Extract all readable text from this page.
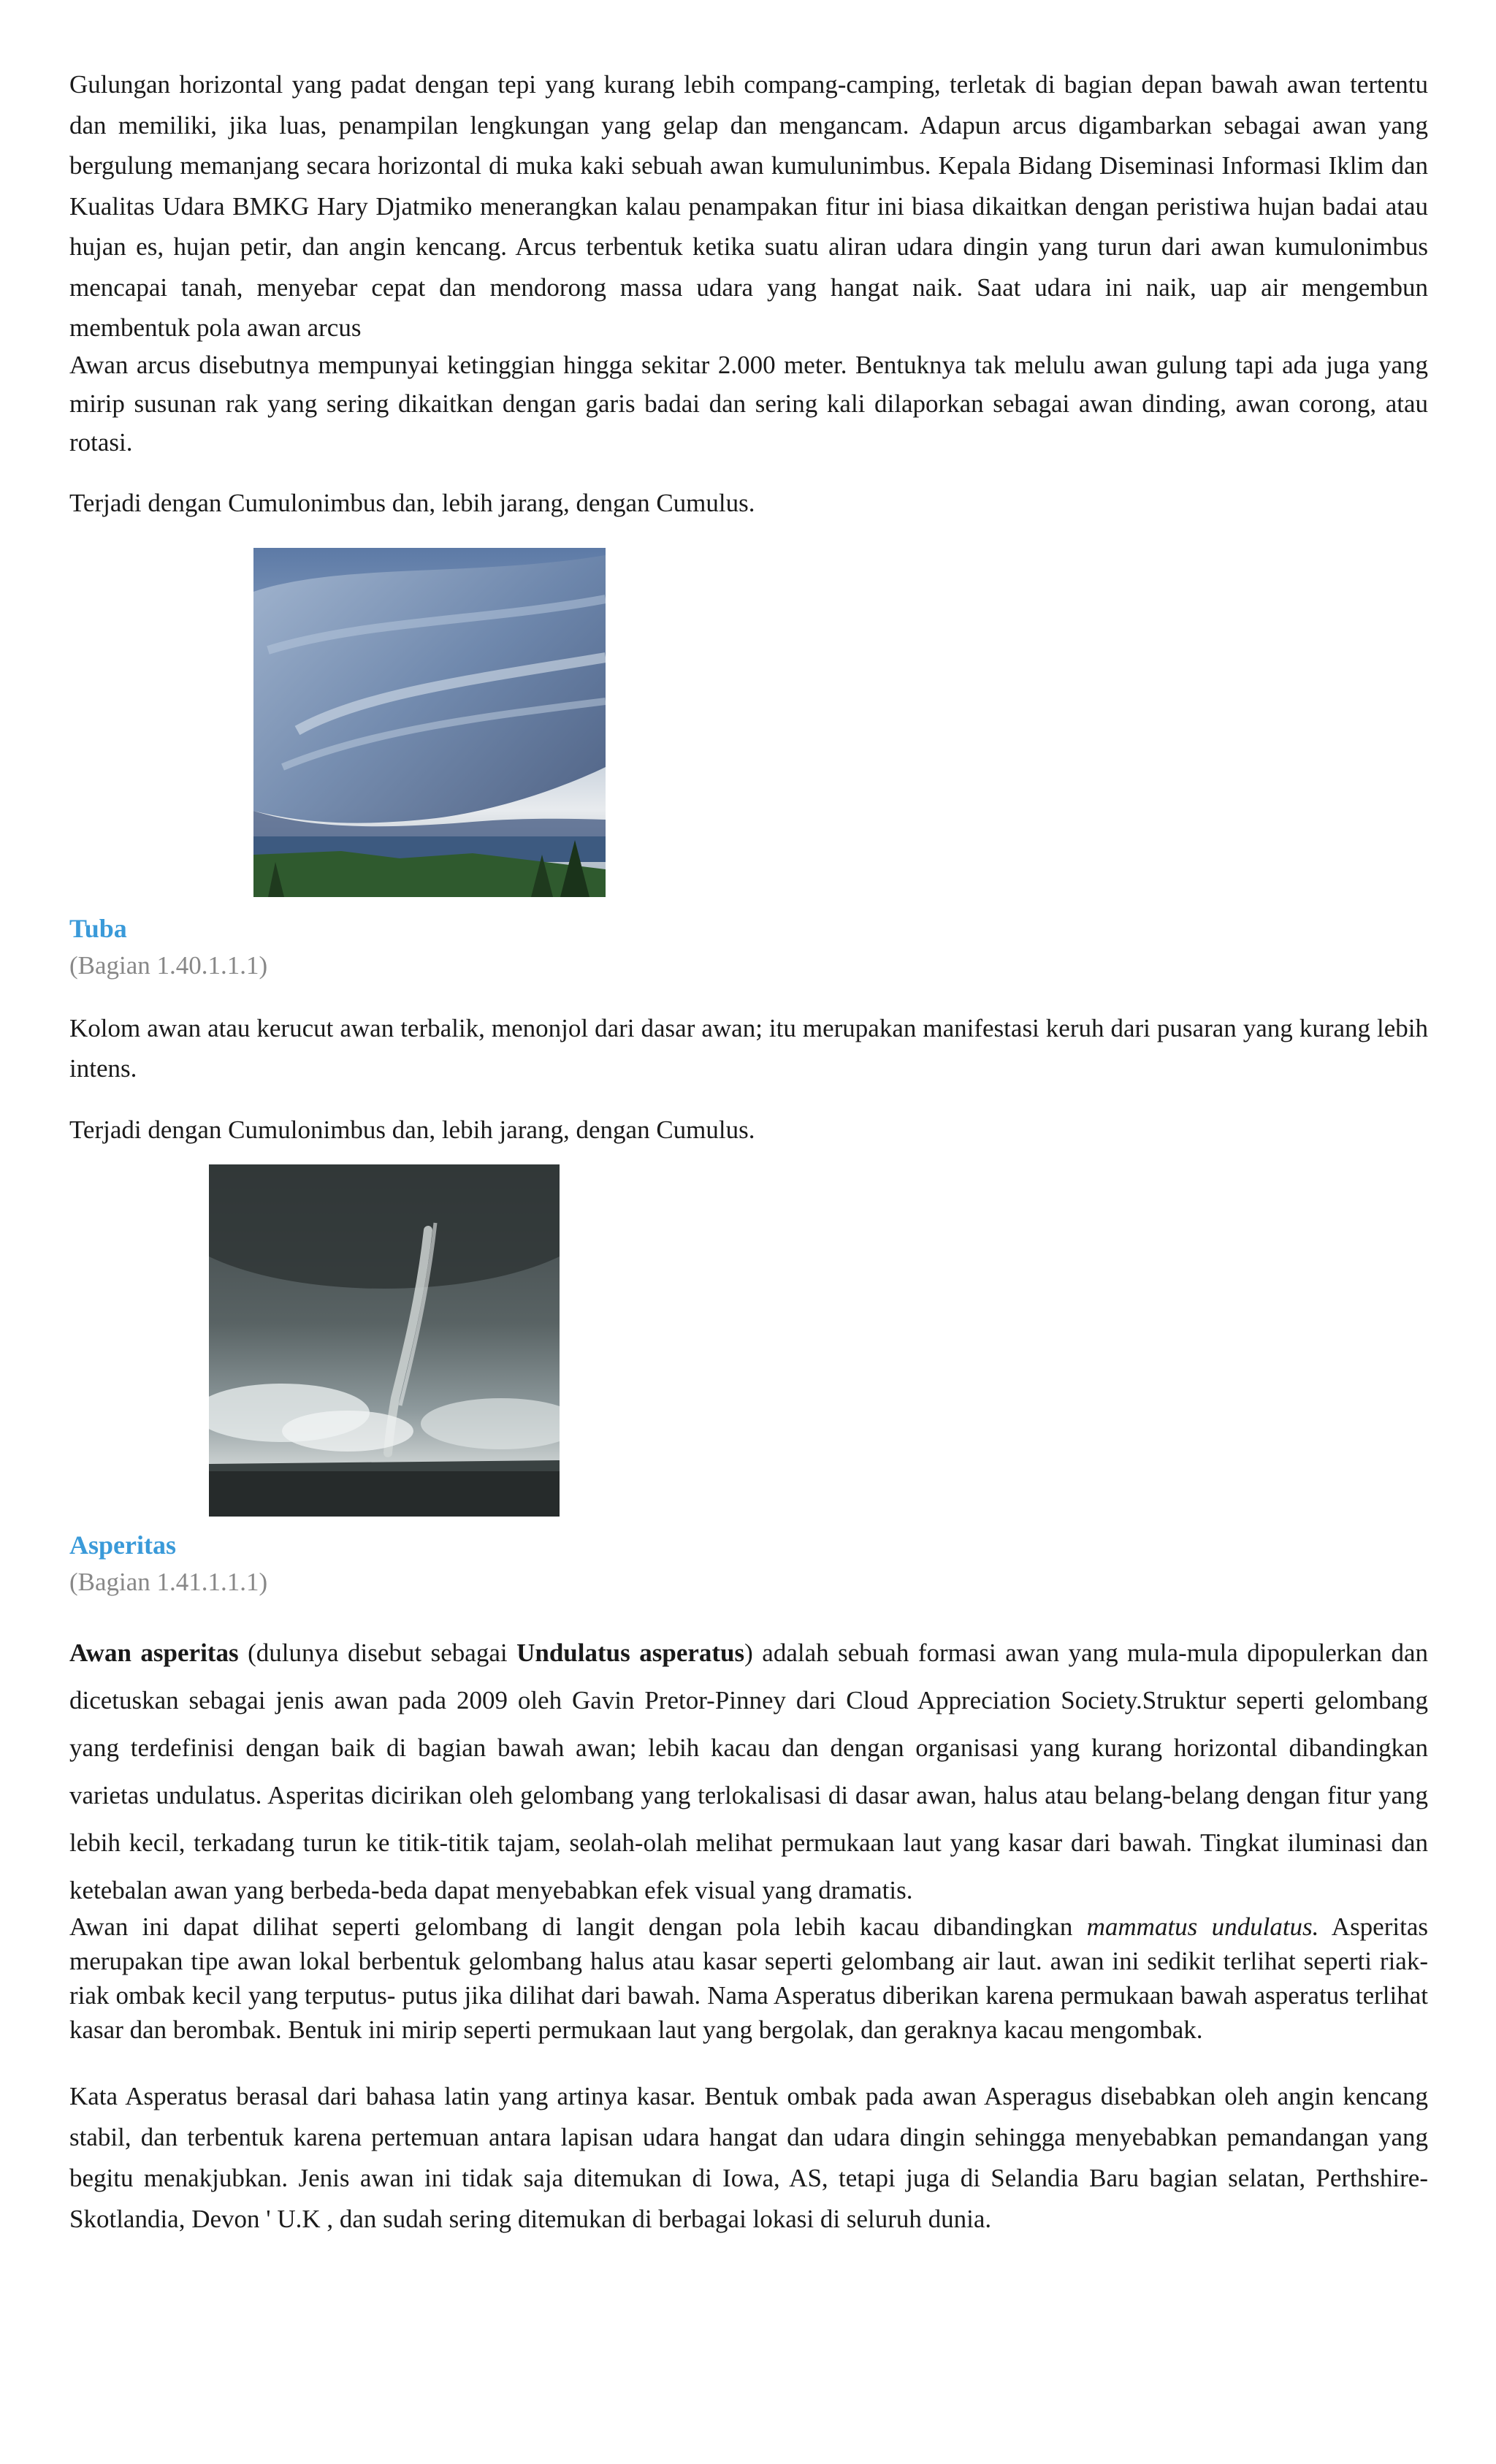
Gulungan horizontal yang padat dengan tepi yang kurang lebih compang-camping, terletak di bagian depan bawah awan tertentu dan memiliki, jika luas, penampilan lengkungan yang gelap dan mengancam. Adapun arcus digambarkan sebagai awan yang bergulung memanjang secara horizontal di muka kaki sebuah awan kumulunimbus. Kepala Bidang Diseminasi Informasi Iklim dan Kualitas Udara BMKG Hary Djatmiko menerangkan kalau penampakan fitur ini biasa dikaitkan dengan peristiwa hujan badai atau hujan es, hujan petir, dan angin kencang. Arcus terbentuk ketika suatu aliran udara dingin yang turun dari awan kumulonimbus mencapai tanah, menyebar cepat dan mendorong massa udara yang hangat naik. Saat udara ini naik, uap air mengembun membentuk pola awan arcus

Awan arcus disebutnya mempunyai ketinggian hingga sekitar 2.000 meter. Bentuknya tak melulu awan gulung tapi ada juga yang mirip susunan rak yang sering dikaitkan dengan garis badai dan sering kali dilaporkan sebagai awan dinding, awan corong, atau rotasi.

Terjadi dengan Cumulonimbus dan, lebih jarang, dengan Cumulus.

Tuba

(Bagian 1.40.1.1.1)

Kolom awan atau kerucut awan terbalik, menonjol dari dasar awan; itu merupakan manifestasi keruh dari pusaran yang kurang lebih intens.

Terjadi dengan Cumulonimbus dan, lebih jarang, dengan Cumulus.

Asperitas

(Bagian 1.41.1.1.1)

Awan asperitas (dulunya disebut sebagai Undulatus asperatus) adalah sebuah formasi awan yang mula-mula dipopulerkan dan dicetuskan sebagai jenis awan pada 2009 oleh Gavin Pretor-Pinney dari Cloud Appreciation Society.Struktur seperti gelombang yang terdefinisi dengan baik di bagian bawah awan; lebih kacau dan dengan organisasi yang kurang horizontal dibandingkan varietas undulatus. Asperitas dicirikan oleh gelombang yang terlokalisasi di dasar awan, halus atau belang-belang dengan fitur yang lebih kecil, terkadang turun ke titik-titik tajam, seolah-olah melihat permukaan laut yang kasar dari bawah. Tingkat iluminasi dan ketebalan awan yang berbeda-beda dapat menyebabkan efek visual yang dramatis.

Awan ini dapat dilihat seperti gelombang di langit dengan pola lebih kacau dibandingkan mammatus undulatus. Asperitas merupakan tipe awan lokal berbentuk gelombang halus atau kasar seperti gelombang air laut. awan ini sedikit terlihat seperti riak-riak ombak kecil yang terputus- putus jika dilihat dari bawah. Nama Asperatus diberikan karena permukaan bawah asperatus terlihat kasar dan berombak. Bentuk ini mirip seperti permukaan laut yang bergolak, dan geraknya kacau mengombak.

Kata Asperatus berasal dari bahasa latin yang artinya kasar. Bentuk ombak pada awan Asperagus disebabkan oleh angin kencang stabil, dan terbentuk karena pertemuan antara lapisan udara hangat dan udara dingin sehingga menyebabkan pemandangan yang begitu menakjubkan. Jenis awan ini tidak saja ditemukan di Iowa, AS, tetapi juga di Selandia Baru bagian selatan, Perthshire- Skotlandia, Devon ' U.K , dan sudah sering ditemukan di berbagai lokasi di seluruh dunia.
